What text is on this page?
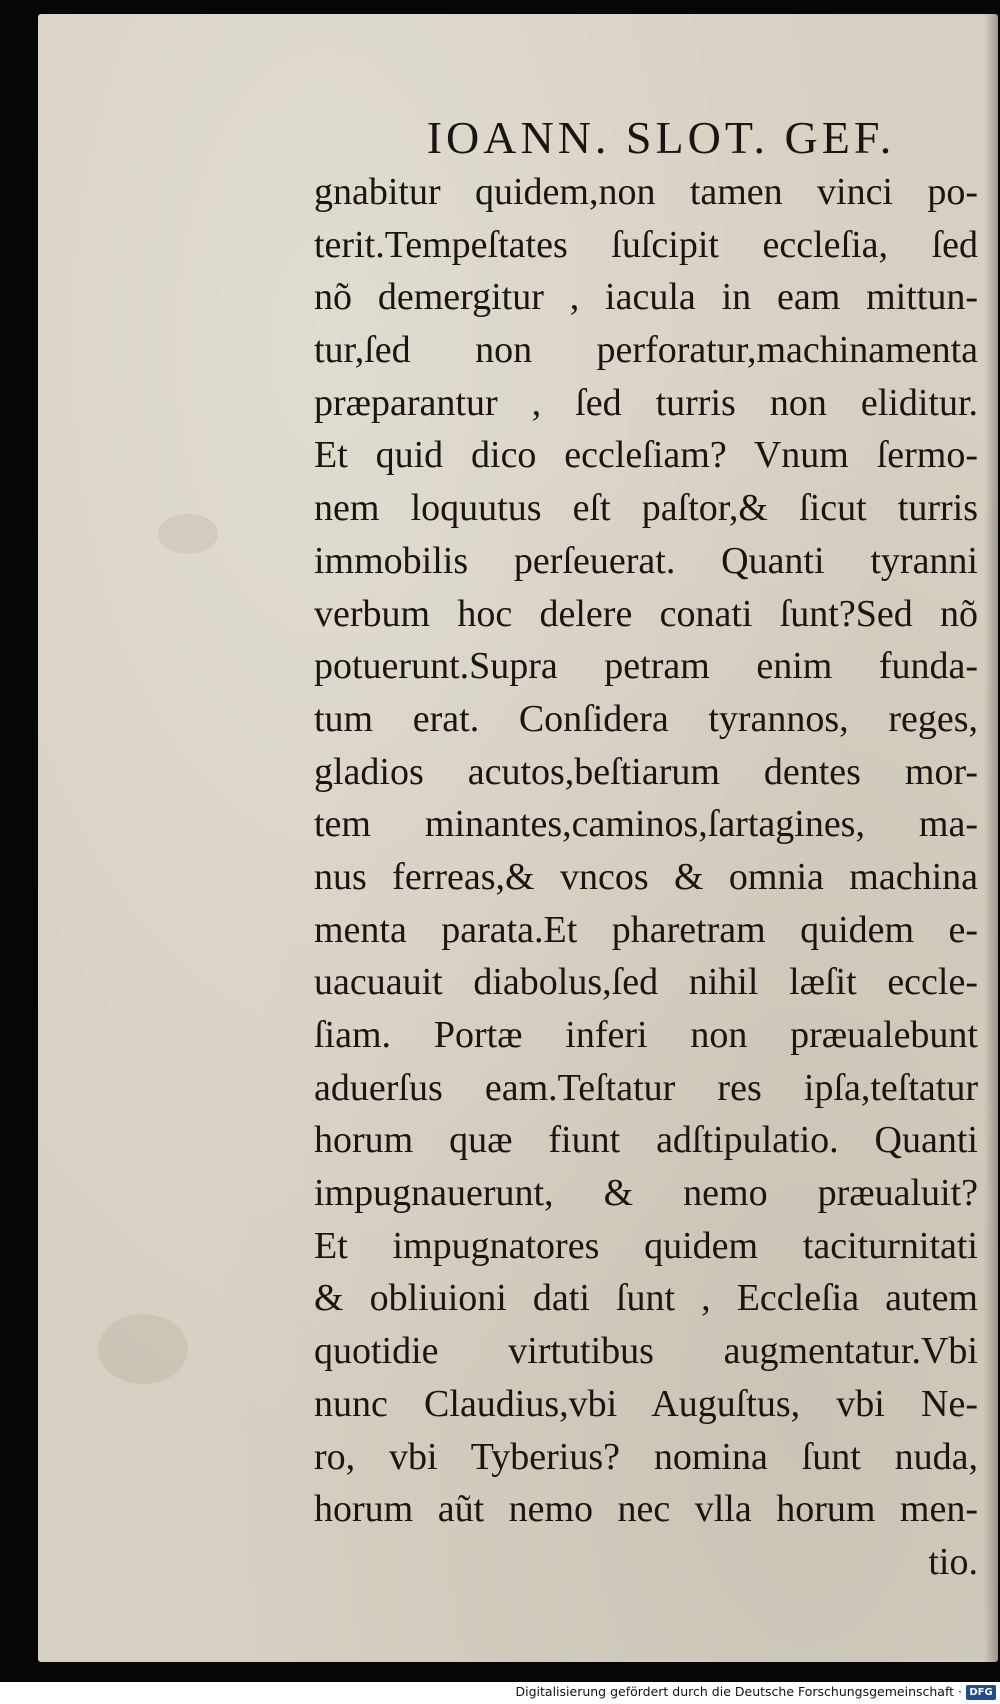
IOANN. SLOT. GEF.
gnabitur quidem,non tamen vinci po-
terit.Tempeſtates ſuſcipit eccleſia, ſed
nõ demergitur , iacula in eam mittun-
tur,ſed non perforatur,machinamenta
præparantur , ſed turris non eliditur.
Et quid dico eccleſiam? Vnum ſermo-
nem loquutus eſt paſtor,& ſicut turris
immobilis perſeuerat. Quanti tyranni
verbum hoc delere conati ſunt?Sed nõ
potuerunt.Supra petram enim funda-
tum erat. Conſidera tyrannos, reges,
gladios acutos,beſtiarum dentes mor-
tem minantes,caminos,ſartagines, ma-
nus ferreas,& vncos & omnia machina
menta parata.Et pharetram quidem e-
uacuauit diabolus,ſed nihil læſit eccle-
ſiam. Portæ inferi non præualebunt
aduerſus eam.Teſtatur res ipſa,teſtatur
horum quæ fiunt adſtipulatio. Quanti
impugnauerunt, & nemo præualuit?
Et impugnatores quidem taciturnitati
& obliuioni dati ſunt , Eccleſia autem
quotidie virtutibus augmentatur.Vbi
nunc Claudius,vbi Auguſtus, vbi Ne-
ro, vbi Tyberius? nomina ſunt nuda,
horum aũt nemo nec vlla horum men-
tio.
Digitalisierung gefördert durch die Deutsche Forschungsgemeinschaft · DFG
